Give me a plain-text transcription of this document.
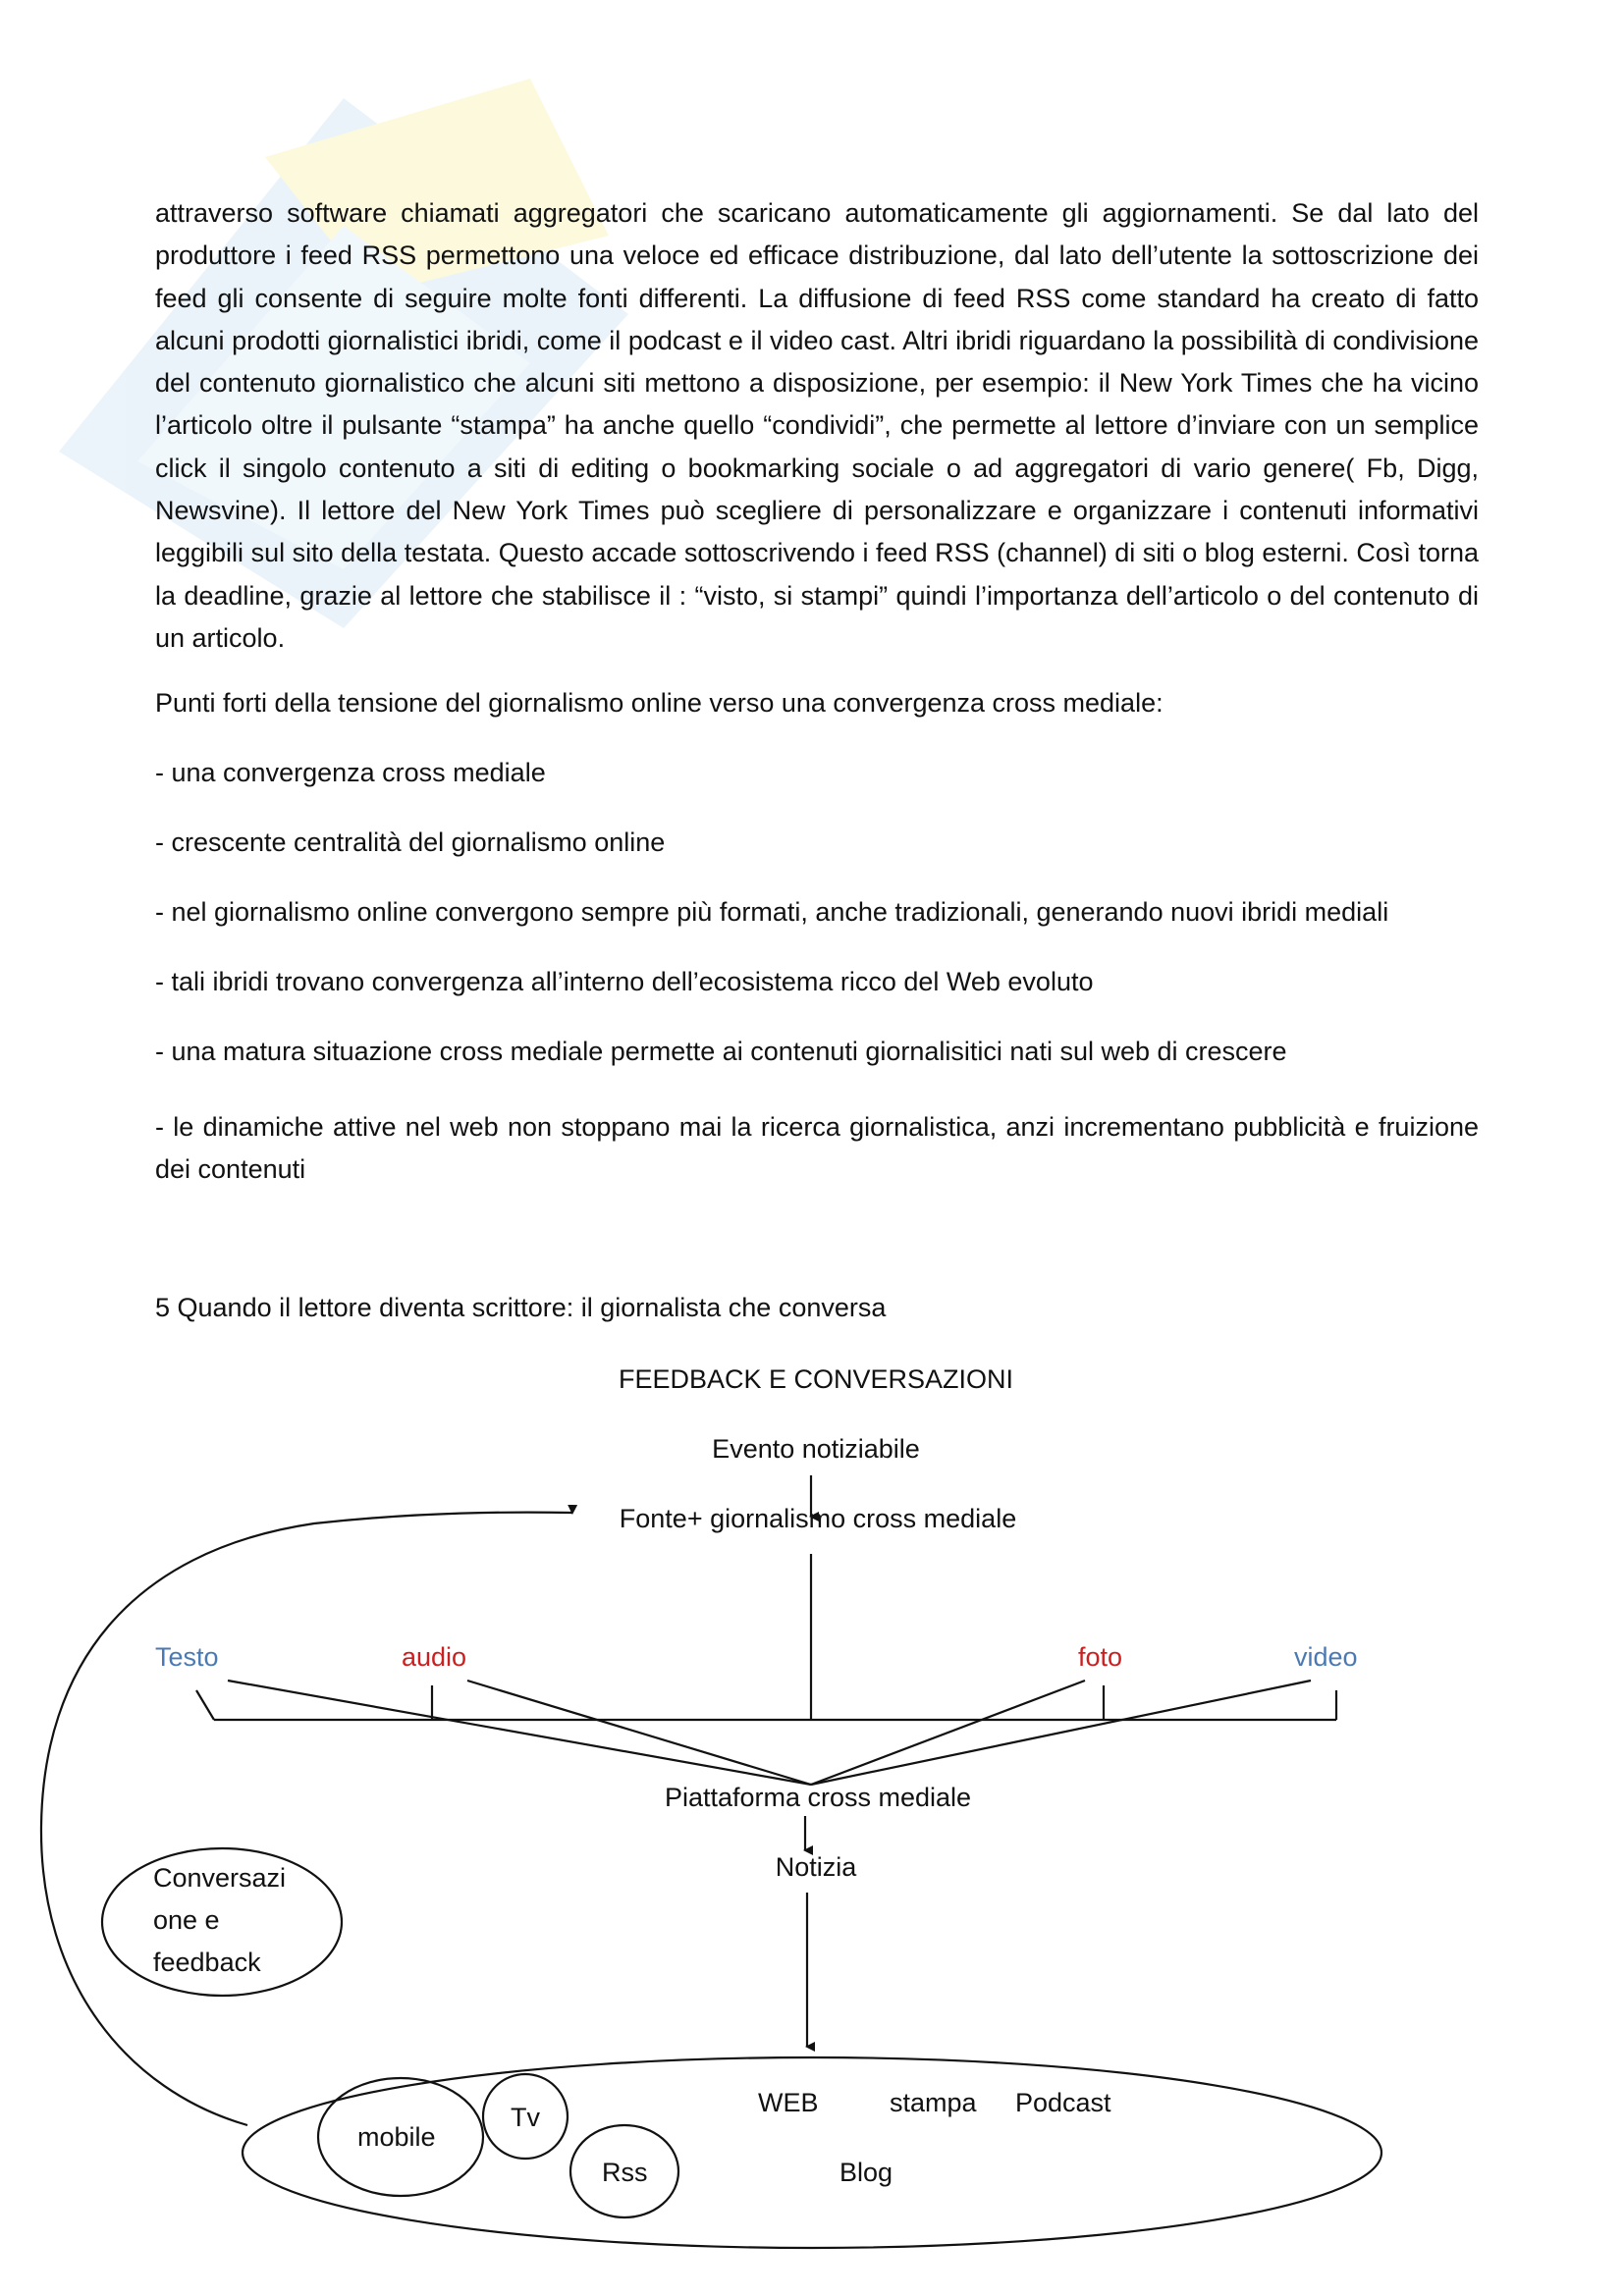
attraverso software chiamati aggregatori che scaricano automaticamente gli aggiornamenti. Se dal lato del produttore i feed RSS permettono una veloce ed efficace distribuzione, dal lato dell’utente la sottoscrizione dei feed gli consente di seguire molte fonti differenti. La diffusione di feed RSS come standard ha creato di fatto alcuni prodotti giornalistici ibridi, come il podcast e il video cast. Altri ibridi riguardano la possibilità di condivisione del contenuto giornalistico che alcuni siti mettono a disposizione, per esempio: il New York Times che ha vicino l’articolo oltre il pulsante “stampa” ha anche quello “condividi”, che permette al lettore d’inviare con un semplice click il singolo contenuto a siti di editing o bookmarking sociale o ad aggregatori di vario genere( Fb, Digg, Newsvine). Il lettore del New York Times può scegliere di personalizzare e organizzare i contenuti informativi leggibili sul sito della testata. Questo accade sottoscrivendo i feed RSS (channel) di siti o blog esterni. Così torna la deadline, grazie al lettore che stabilisce il : “visto, si stampi” quindi l’importanza dell’articolo o del contenuto di un articolo.

Punti forti della tensione del giornalismo online verso una convergenza cross mediale:

- una convergenza cross mediale

- crescente centralità del giornalismo online

- nel giornalismo online convergono sempre più formati, anche tradizionali, generando nuovi ibridi mediali

- tali ibridi trovano convergenza all’interno dell’ecosistema ricco del Web evoluto

- una matura situazione cross mediale permette ai contenuti giornalisitici nati sul web di crescere

- le dinamiche attive nel web non stoppano mai la ricerca giornalistica, anzi incrementano pubblicità e fruizione dei contenuti

5 Quando il lettore diventa scrittore: il giornalista che conversa

FEEDBACK E CONVERSAZIONI
Evento notiziabile
Fonte+ giornalismo cross mediale
Testo	audio	foto	video
Piattaforma cross mediale
Notizia
Conversazi
one e
feedback
mobile
Tv
Rss
WEB	stampa Podcast
Blog
